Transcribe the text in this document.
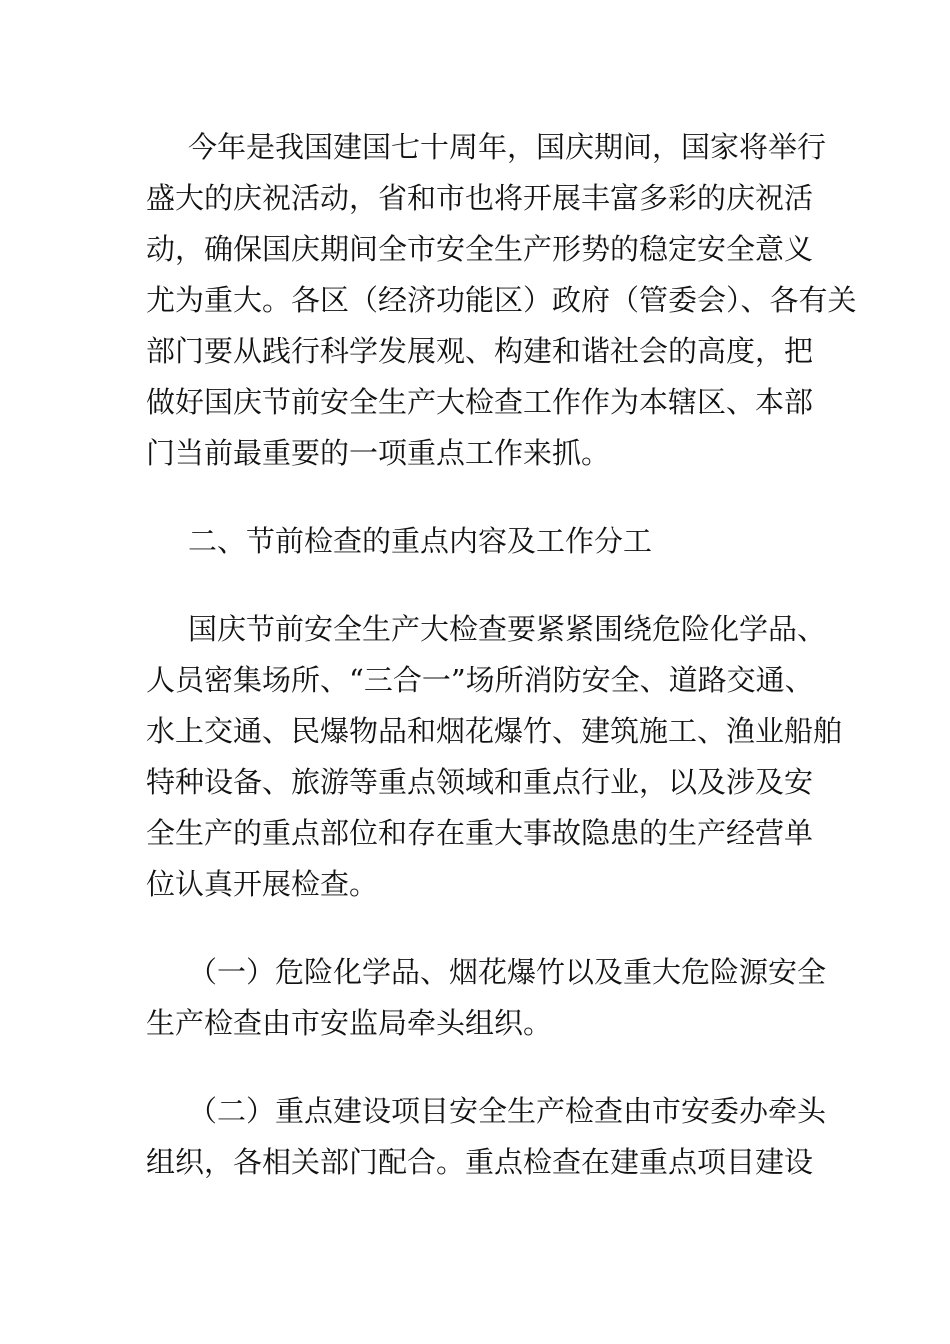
今年是我国建国七十周年，国庆期间，国家将举行
盛大的庆祝活动，省和市也将开展丰富多彩的庆祝活
动，确保国庆期间全市安全生产形势的稳定安全意义
尤为重大。各区（经济功能区）政府（管委会）、各有关
部门要从践行科学发展观、构建和谐社会的高度，把
做好国庆节前安全生产大检查工作作为本辖区、本部
门当前最重要的一项重点工作来抓。

二、节前检查的重点内容及工作分工

国庆节前安全生产大检查要紧紧围绕危险化学品、
人员密集场所、“三合一”场所消防安全、道路交通、
水上交通、民爆物品和烟花爆竹、建筑施工、渔业船舶
特种设备、旅游等重点领域和重点行业，以及涉及安
全生产的重点部位和存在重大事故隐患的生产经营单
位认真开展检查。

（一）危险化学品、烟花爆竹以及重大危险源安全
生产检查由市安监局牵头组织。

（二）重点建设项目安全生产检查由市安委办牵头
组织，各相关部门配合。重点检查在建重点项目建设
